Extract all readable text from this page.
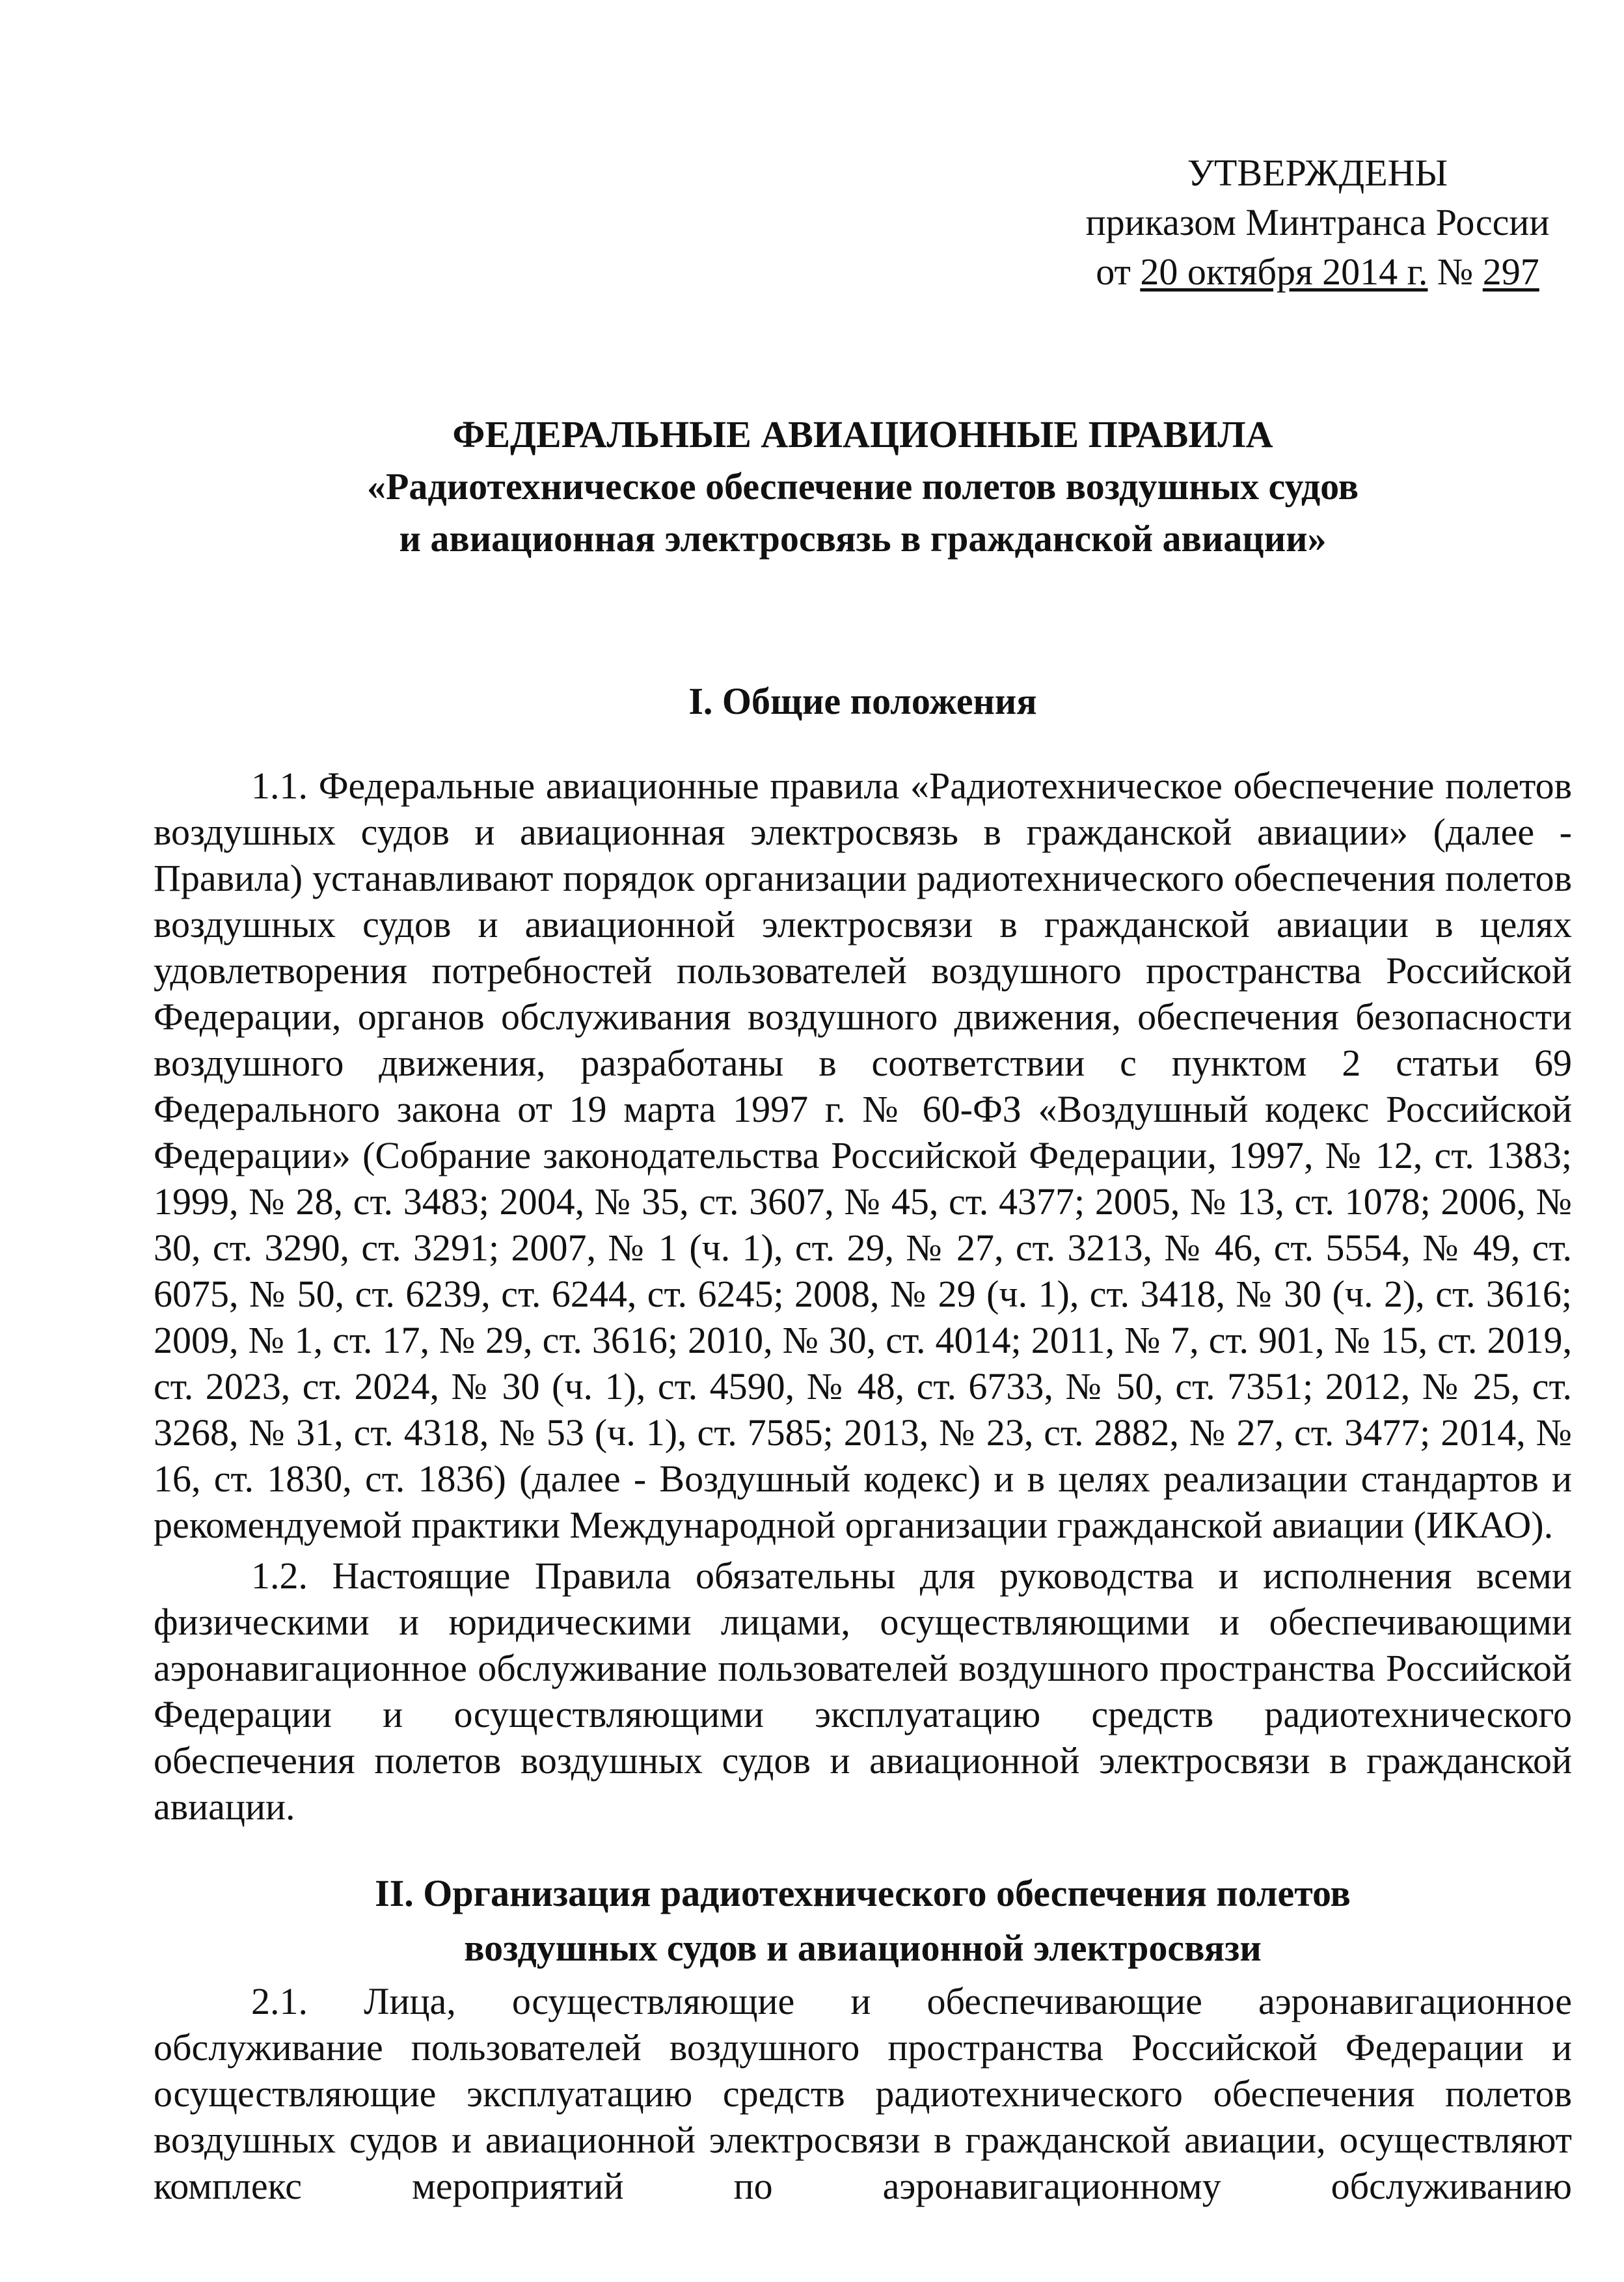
УТВЕРЖДЕНЫ
приказом Минтранса России
от 20 октября 2014 г. № 297
ФЕДЕРАЛЬНЫЕ АВИАЦИОННЫЕ ПРАВИЛА
«Радиотехническое обеспечение полетов воздушных судов
и авиационная электросвязь в гражданской авиации»
I. Общие положения
1.1. Федеральные авиационные правила «Радиотехническое обеспечение полетов воздушных судов и авиационная электросвязь в гражданской авиации» (далее - Правила) устанавливают порядок организации радиотехнического обеспечения полетов воздушных судов и авиационной электросвязи в гражданской авиации в целях удовлетворения потребностей пользователей воздушного пространства Российской Федерации, органов обслуживания воздушного движения, обеспечения безопасности воздушного движения, разработаны в соответствии с пунктом 2 статьи 69 Федерального закона от 19 марта 1997 г. № 60-ФЗ «Воздушный кодекс Российской Федерации» (Собрание законодательства Российской Федерации, 1997, № 12, ст. 1383; 1999, № 28, ст. 3483; 2004, № 35, ст. 3607, № 45, ст. 4377; 2005, № 13, ст. 1078; 2006, № 30, ст. 3290, ст. 3291; 2007, № 1 (ч. 1), ст. 29, № 27, ст. 3213, № 46, ст. 5554, № 49, ст. 6075, № 50, ст. 6239, ст. 6244, ст. 6245; 2008, № 29 (ч. 1), ст. 3418, № 30 (ч. 2), ст. 3616; 2009, № 1, ст. 17, № 29, ст. 3616; 2010, № 30, ст. 4014; 2011, № 7, ст. 901, № 15, ст. 2019, ст. 2023, ст. 2024, № 30 (ч. 1), ст. 4590, № 48, ст. 6733, № 50, ст. 7351; 2012, № 25, ст. 3268, № 31, ст. 4318, № 53 (ч. 1), ст. 7585; 2013, № 23, ст. 2882, № 27, ст. 3477; 2014, № 16, ст. 1830, ст. 1836) (далее - Воздушный кодекс) и в целях реализации стандартов и рекомендуемой практики Международной организации гражданской авиации (ИКАО).
1.2. Настоящие Правила обязательны для руководства и исполнения всеми физическими и юридическими лицами, осуществляющими и обеспечивающими аэронавигационное обслуживание пользователей воздушного пространства Российской Федерации и осуществляющими эксплуатацию средств радиотехнического обеспечения полетов воздушных судов и авиационной электросвязи в гражданской авиации.
II. Организация радиотехнического обеспечения полетов
воздушных судов и авиационной электросвязи
2.1. Лица, осуществляющие и обеспечивающие аэронавигационное обслуживание пользователей воздушного пространства Российской Федерации и осуществляющие эксплуатацию средств радиотехнического обеспечения полетов воздушных судов и авиационной электросвязи в гражданской авиации, осуществляют комплекс мероприятий по аэронавигационному обслуживанию
